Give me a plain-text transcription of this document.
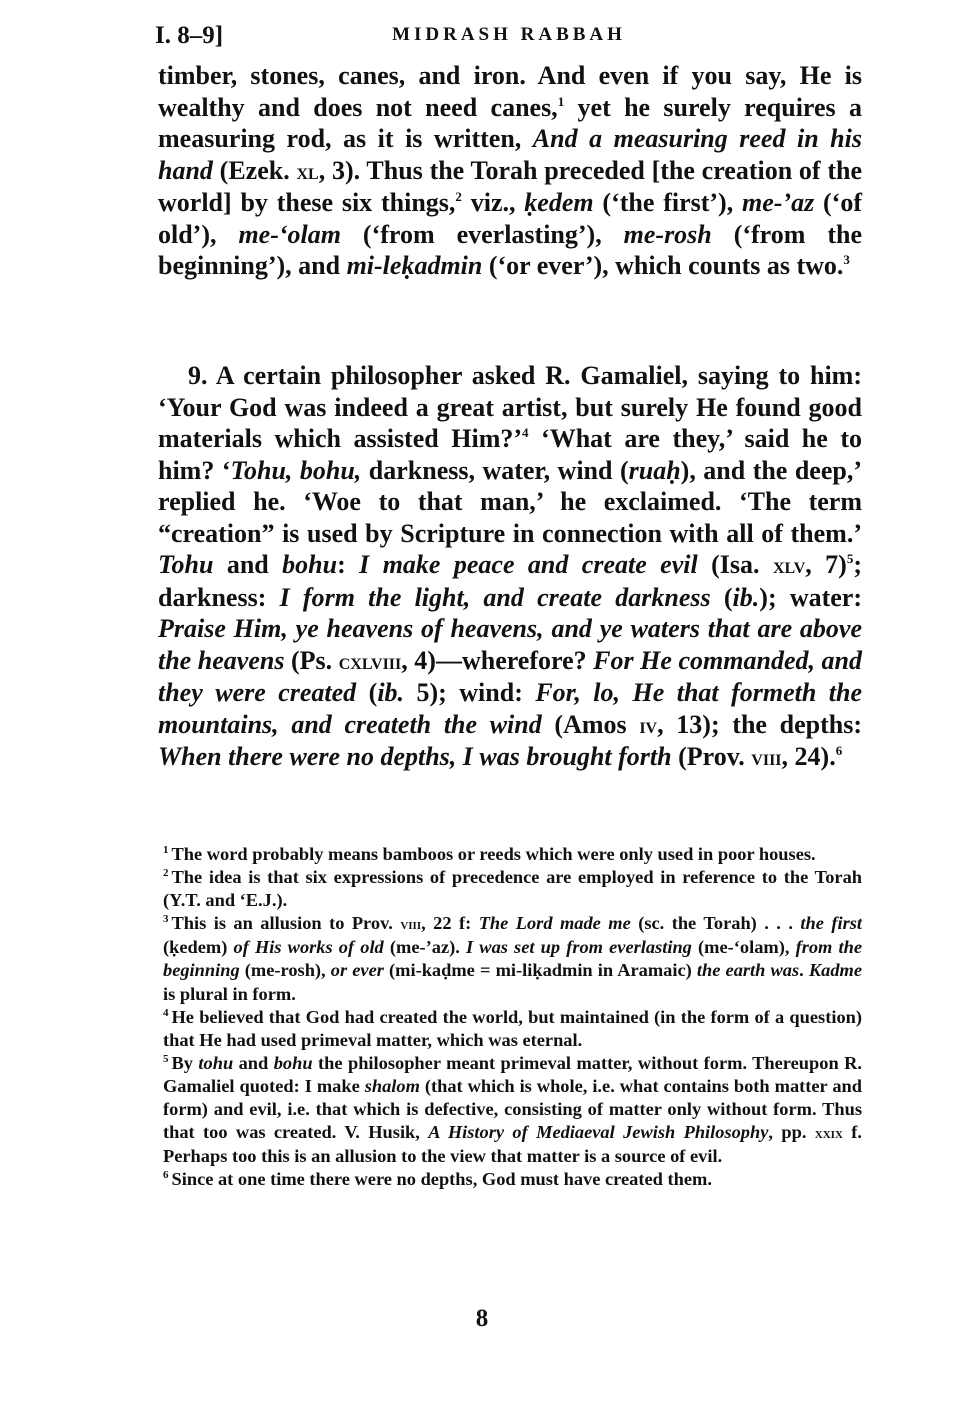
I. 8–9]	MIDRASH RABBAH

timber, stones, canes, and iron. And even if you say, He is wealthy and does not need canes,$^1$ yet he surely requires a measuring rod, as it is written, And a measuring reed in his hand (Ezek. xl, 3). Thus the Torah preceded [the creation of the world] by these six things,$^2$ viz., ḳedem (‘the first’), me-’az (‘of old’), me-‘olam (‘from everlasting’), me-rosh (‘from the beginning’), and mi-leḳadmin (‘or ever’), which counts as two.$^3$

9. A certain philosopher asked R. Gamaliel, saying to him: ‘Your God was indeed a great artist, but surely He found good materials which assisted Him?’$^4$ ‘What are they,’ said he to him? ‘Tohu, bohu, darkness, water, wind (ruaḥ), and the deep,’ replied he. ‘Woe to that man,’ he exclaimed. ‘The term “creation” is used by Scripture in connection with all of them.’ Tohu and bohu: I make peace and create evil (Isa. xlv, 7)$^5$; darkness: I form the light, and create darkness (ib.); water: Praise Him, ye heavens of heavens, and ye waters that are above the heavens (Ps. cxlviii, 4)—wherefore? For He commanded, and they were created (ib. 5); wind: For, lo, He that formeth the mountains, and createth the wind (Amos iv, 13); the depths: When there were no depths, I was brought forth (Prov. viii, 24).$^6$

$^1$ The word probably means bamboos or reeds which were only used in poor houses.

$^2$ The idea is that six expressions of precedence are employed in reference to the Torah (Y.T. and ‘E.J.).

$^3$ This is an allusion to Prov. viii, 22 f: The Lord made me (sc. the Torah) . . . the first (ḳedem) of His works of old (me-’az). I was set up from everlasting (me-‘olam), from the beginning (me-rosh), or ever (mi-kaḍme = mi-liḳadmin in Aramaic) the earth was. Kadme is plural in form.

$^4$ He believed that God had created the world, but maintained (in the form of a question) that He had used primeval matter, which was eternal.

$^5$ By tohu and bohu the philosopher meant primeval matter, without form. Thereupon R. Gamaliel quoted: I make shalom (that which is whole, i.e. what contains both matter and form) and evil, i.e. that which is defective, consisting of matter only without form. Thus that too was created. V. Husik, A History of Mediaeval Jewish Philosophy, pp. xxix f. Perhaps too this is an allusion to the view that matter is a source of evil.

$^6$ Since at one time there were no depths, God must have created them.

8
